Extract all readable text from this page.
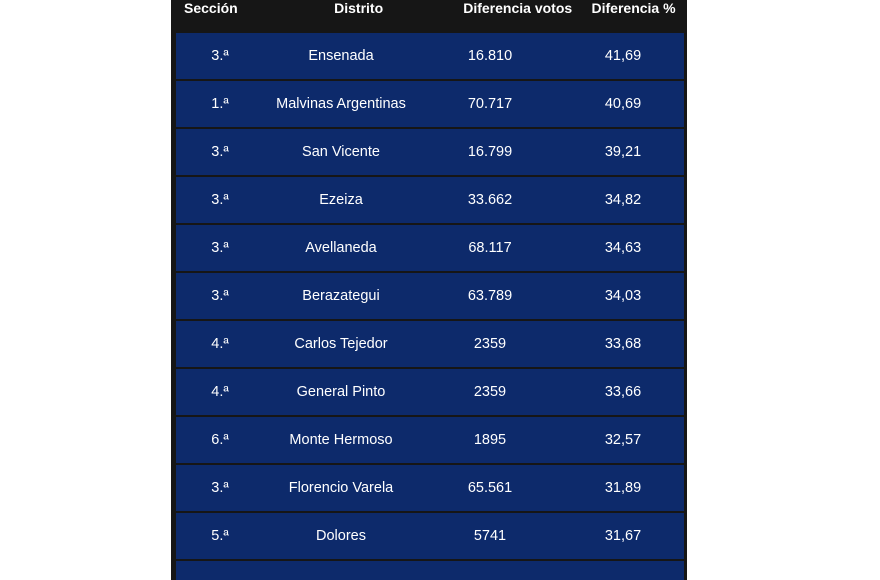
Sección	Distrito	Diferencia votos	Diferencia %
3.ª	Ensenada	16.810	41,69
1.ª	Malvinas Argentinas	70.717	40,69
3.ª	San Vicente	16.799	39,21
3.ª	Ezeiza	33.662	34,82
3.ª	Avellaneda	68.117	34,63
3.ª	Berazategui	63.789	34,03
4.ª	Carlos Tejedor	2359	33,68
4.ª	General Pinto	2359	33,66
6.ª	Monte Hermoso	1895	32,57
3.ª	Florencio Varela	65.561	31,89
5.ª	Dolores	5741	31,67
